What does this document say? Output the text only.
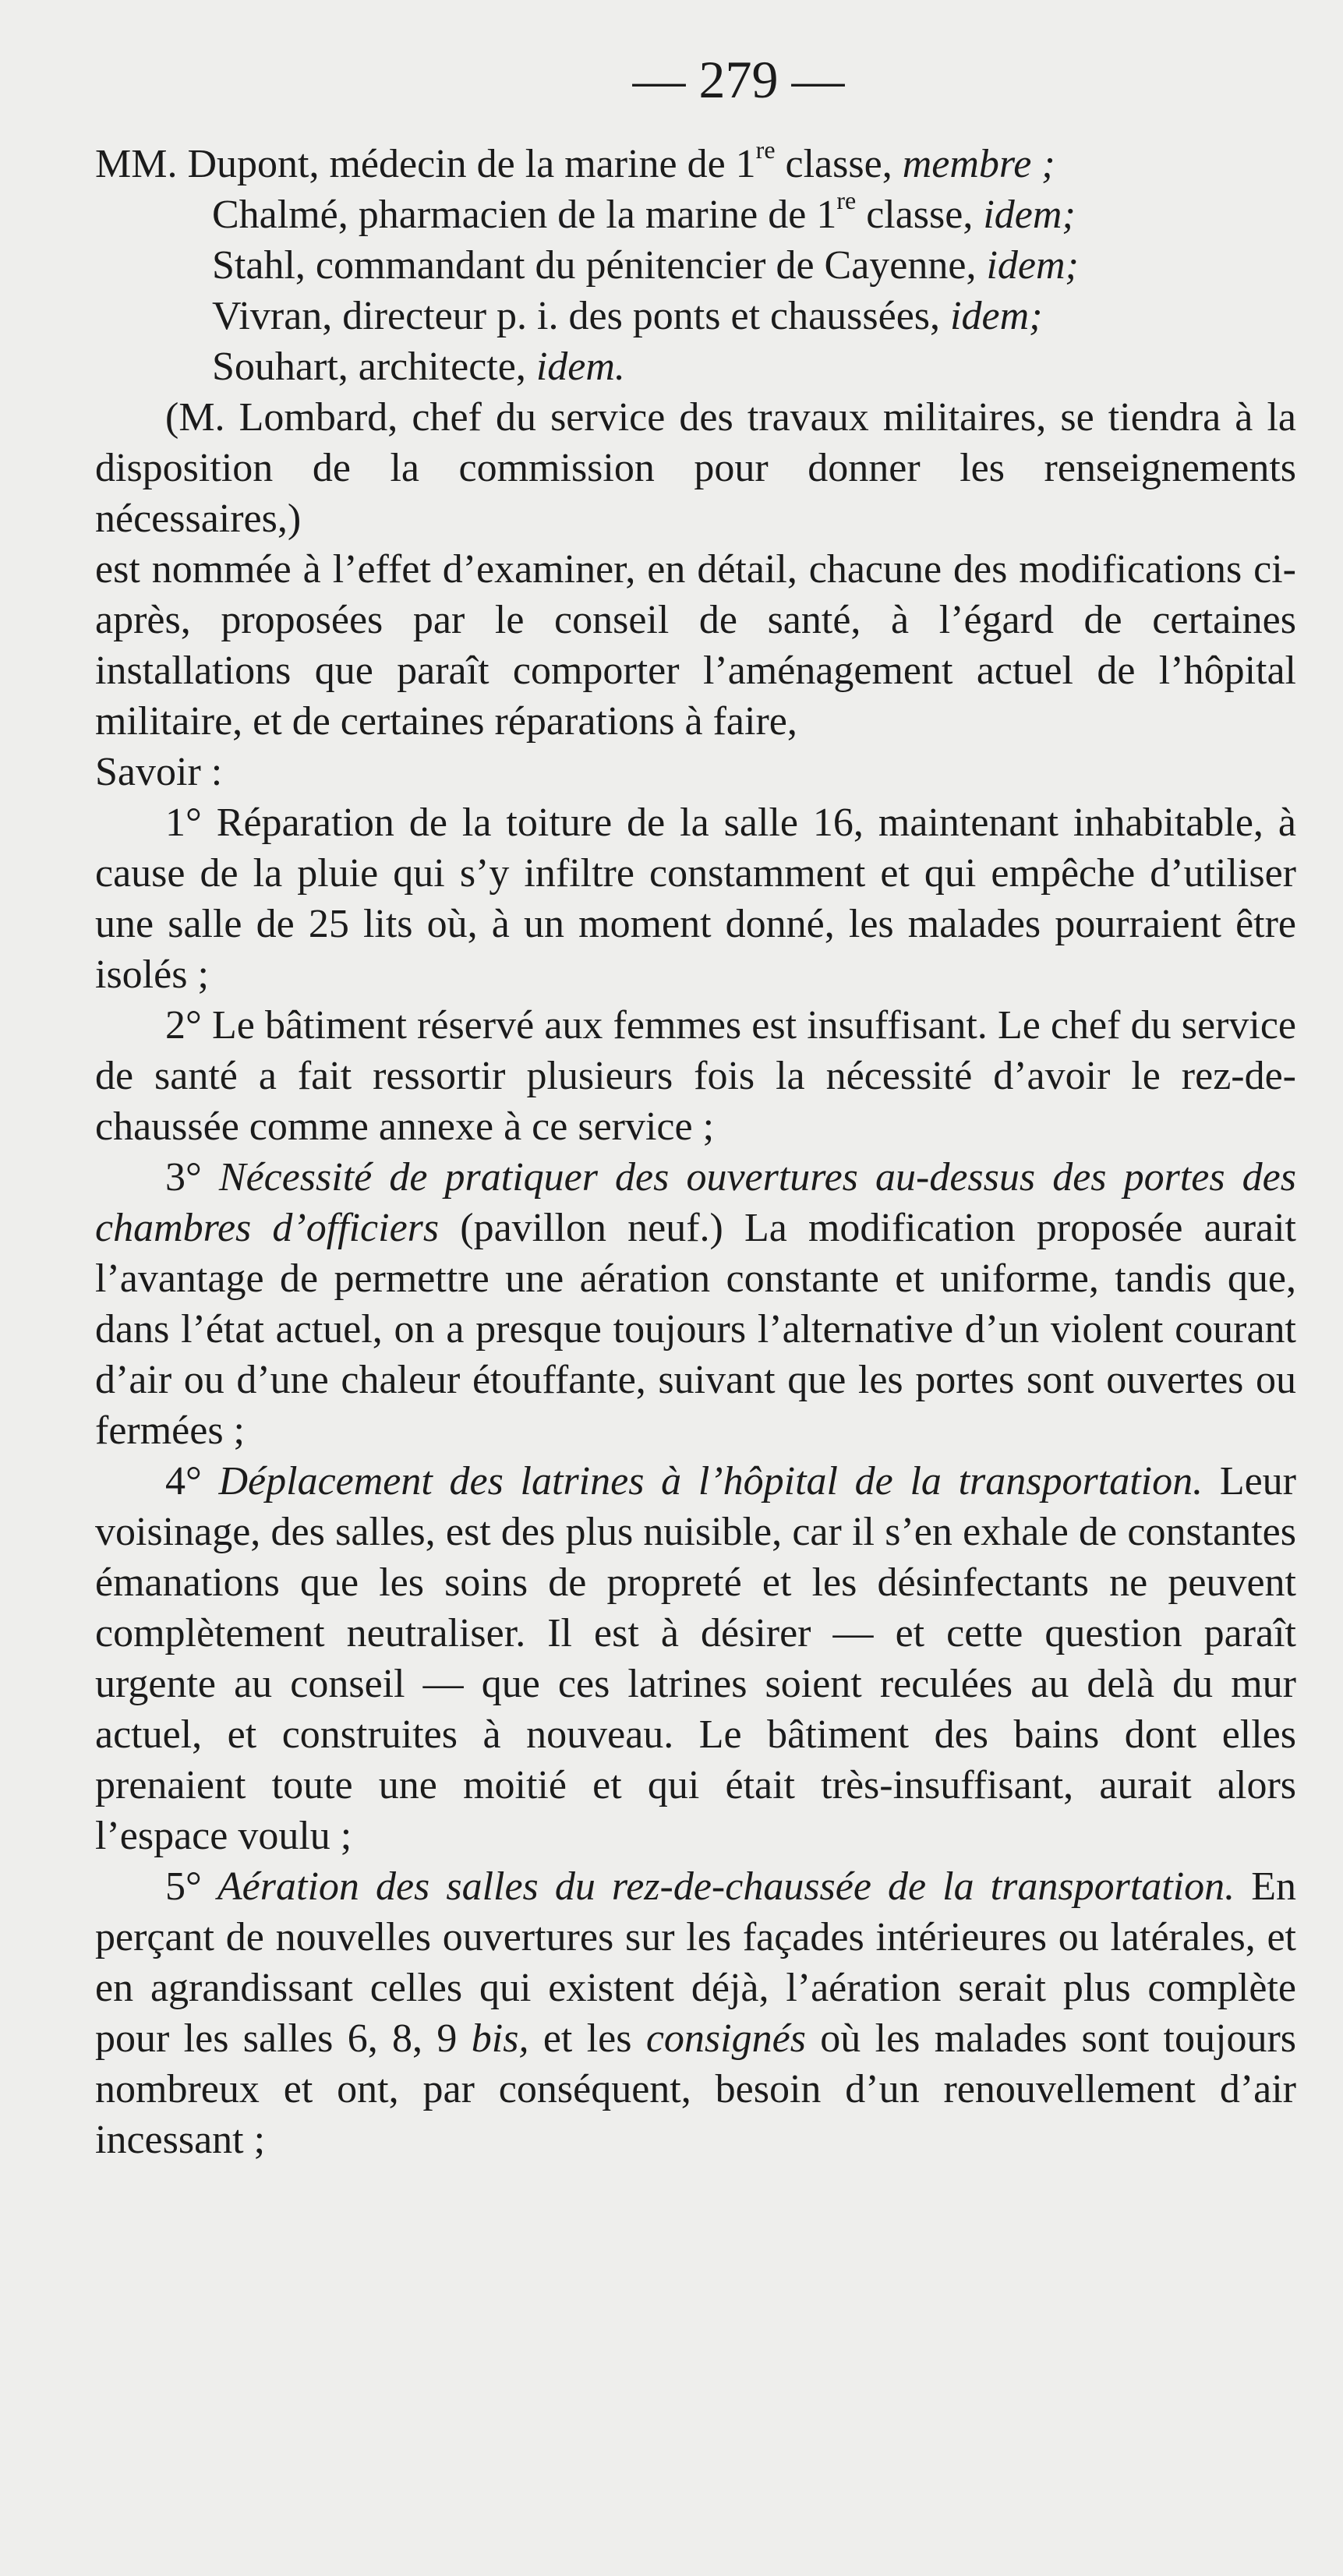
— 279 —
MM. Dupont, médecin de la marine de 1re classe, membre ;
Chalmé, pharmacien de la marine de 1re classe, idem;
Stahl, commandant du pénitencier de Cayenne, idem;
Vivran, directeur p. i. des ponts et chaussées, idem;
Souhart, architecte, idem.

(M. Lombard, chef du service des travaux militaires, se tiendra à la disposition de la commission pour donner les renseignements nécessaires,)

est nommée à l’effet d’examiner, en détail, chacune des modifications ci-après, proposées par le conseil de santé, à l’égard de certaines installations que paraît comporter l’aménagement actuel de l’hôpital militaire, et de certaines réparations à faire,

Savoir :

1° Réparation de la toiture de la salle 16, maintenant inhabitable, à cause de la pluie qui s’y infiltre constamment et qui empêche d’utiliser une salle de 25 lits où, à un moment donné, les malades pourraient être isolés ;

2° Le bâtiment réservé aux femmes est insuffisant. Le chef du service de santé a fait ressortir plusieurs fois la nécessité d’avoir le rez-de-chaussée comme annexe à ce service ;

3° Nécessité de pratiquer des ouvertures au-dessus des portes des chambres d’officiers (pavillon neuf.) La modification proposée aurait l’avantage de permettre une aération constante et uniforme, tandis que, dans l’état actuel, on a presque toujours l’alternative d’un violent courant d’air ou d’une chaleur étouffante, suivant que les portes sont ouvertes ou fermées ;

4° Déplacement des latrines à l’hôpital de la transportation. Leur voisinage, des salles, est des plus nuisible, car il s’en exhale de constantes émanations que les soins de propreté et les désinfectants ne peuvent complètement neutraliser. Il est à désirer — et cette question paraît urgente au conseil — que ces latrines soient reculées au delà du mur actuel, et construites à nouveau. Le bâtiment des bains dont elles prenaient toute une moitié et qui était très-insuffisant, aurait alors l’espace voulu ;

5° Aération des salles du rez-de-chaussée de la transportation. En perçant de nouvelles ouvertures sur les façades intérieures ou latérales, et en agrandissant celles qui existent déjà, l’aération serait plus complète pour les salles 6, 8, 9 bis, et les consignés où les malades sont toujours nombreux et ont, par conséquent, besoin d’un renouvellement d’air incessant ;
